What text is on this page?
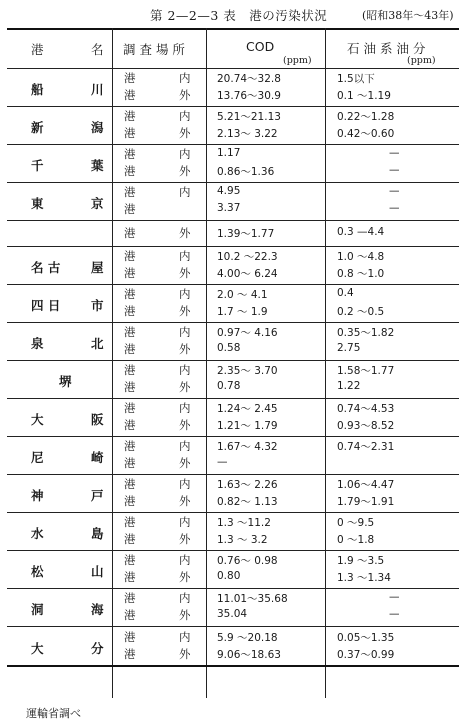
第 2—2—3 表　港の汚染状況	(昭和38年～43年)
港	名 調 査 場 所	COD
(ppm)
石 油 系 油 分
(ppm)
船	川
港	内	20.74～32.8	1.5以下
港	外	13.76～30.9	0.1 ～1.19
新	潟
港	内	5.21～21.13	0.22～1.28
港	外	2.13～ 3.22	0.42～0.60
千	葉
港	内	1.17	—
港	外	0.86～1.36	—
東	京
港	内	4.95	—
港	3.37	—
港	外	1.39～1.77	0.3 —4.4
名 古 屋
港	内	10.2 ～22.3	1.0 ～4.8
港	外	4.00～ 6.24	0.8 ～1.0
四 日 市
港	内	2.0 ～ 4.1	0.4
港	外	1.7 ～ 1.9	0.2 ～0.5
泉	北
港	内	0.97～ 4.16	0.35～1.82
港	外	0.58	2.75
堺
港	内	2.35～ 3.70	1.58～1.77
港	外	0.78	1.22
大	阪
港	内	1.24～ 2.45	0.74～4.53
港	外	1.21～ 1.79	0.93～8.52
尼	崎
港	内	1.67～ 4.32	0.74～2.31
港	外	—
神	戸
港	内	1.63～ 2.26	1.06～4.47
港	外	0.82～ 1.13	1.79～1.91
水	島
港	内	1.3 ～11.2	0 ～9.5
港	外	1.3 ～ 3.2	0 ～1.8
松	山
港	内	0.76～ 0.98	1.9 ～3.5
港	外	0.80	1.3 ～1.34
洞	海
港	内	11.01～35.68	—
港	外	35.04	—
大	分
港	内	5.9 ～20.18	0.05～1.35
港	外	9.06～18.63	0.37～0.99
運輸省調べ
